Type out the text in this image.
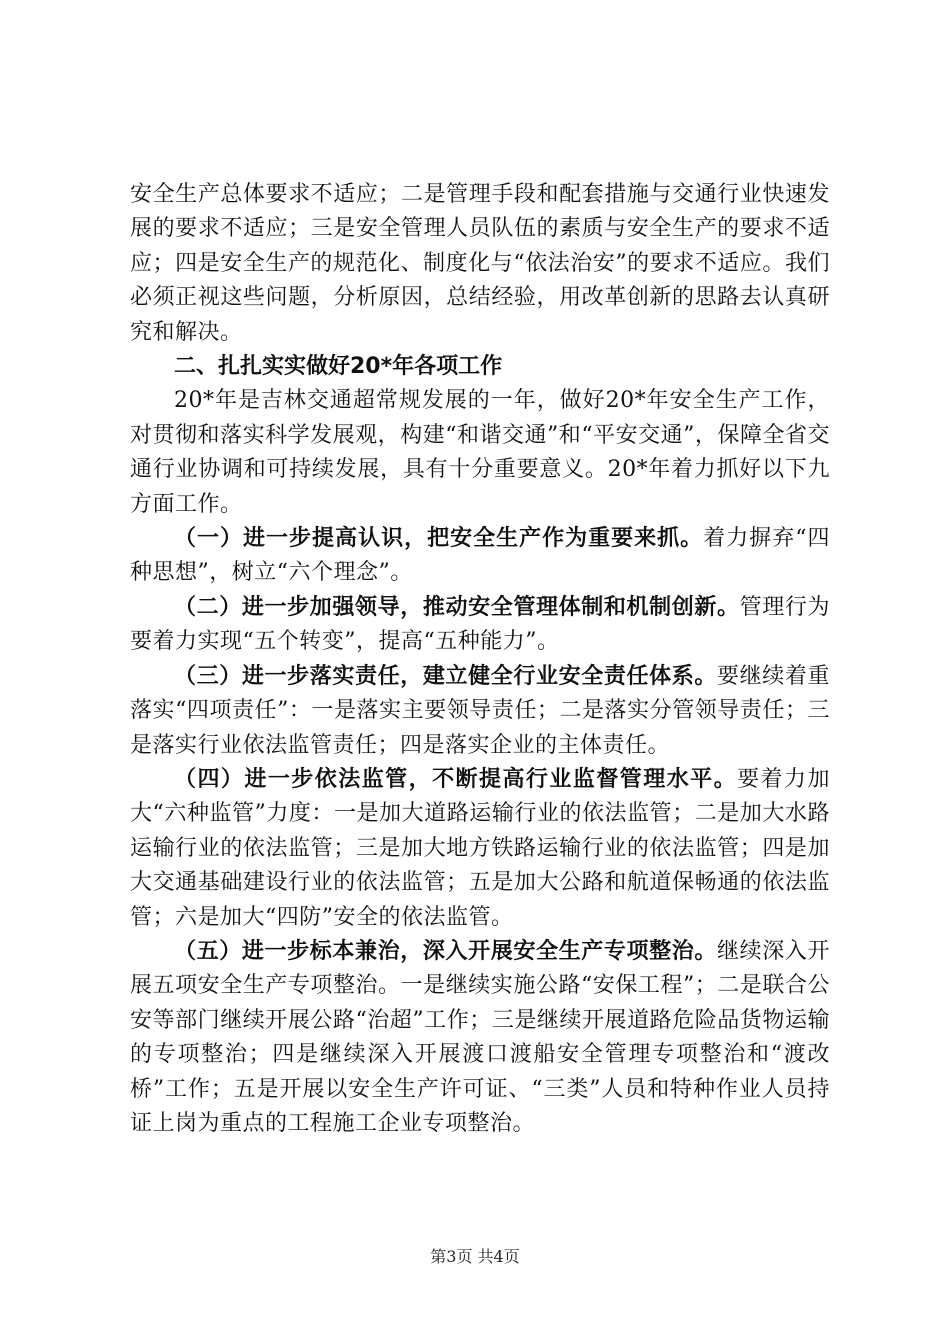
安全生产总体要求不适应；二是管理手段和配套措施与交通行业快速发展的要求不适应；三是安全管理人员队伍的素质与安全生产的要求不适应；四是安全生产的规范化、制度化与“依法治安”的要求不适应。我们必须正视这些问题，分析原因，总结经验，用改革创新的思路去认真研究和解决。

二、扎扎实实做好20*年各项工作

20*年是吉林交通超常规发展的一年，做好20*年安全生产工作，对贯彻和落实科学发展观，构建“和谐交通”和“平安交通”，保障全省交通行业协调和可持续发展，具有十分重要意义。20*年着力抓好以下九方面工作。

（一）进一步提高认识，把安全生产作为重要来抓。着力摒弃“四种思想”，树立“六个理念”。

（二）进一步加强领导，推动安全管理体制和机制创新。管理行为要着力实现“五个转变”，提高“五种能力”。

（三）进一步落实责任，建立健全行业安全责任体系。要继续着重落实“四项责任”：一是落实主要领导责任；二是落实分管领导责任；三是落实行业依法监管责任；四是落实企业的主体责任。

（四）进一步依法监管，不断提高行业监督管理水平。要着力加大“六种监管”力度：一是加大道路运输行业的依法监管；二是加大水路运输行业的依法监管；三是加大地方铁路运输行业的依法监管；四是加大交通基础建设行业的依法监管；五是加大公路和航道保畅通的依法监管；六是加大“四防”安全的依法监管。

（五）进一步标本兼治，深入开展安全生产专项整治。继续深入开展五项安全生产专项整治。一是继续实施公路“安保工程”；二是联合公安等部门继续开展公路“治超”工作；三是继续开展道路危险品货物运输的专项整治；四是继续深入开展渡口渡船安全管理专项整治和“渡改桥”工作；五是开展以安全生产许可证、“三类”人员和特种作业人员持证上岗为重点的工程施工企业专项整治。

第3页 共4页
